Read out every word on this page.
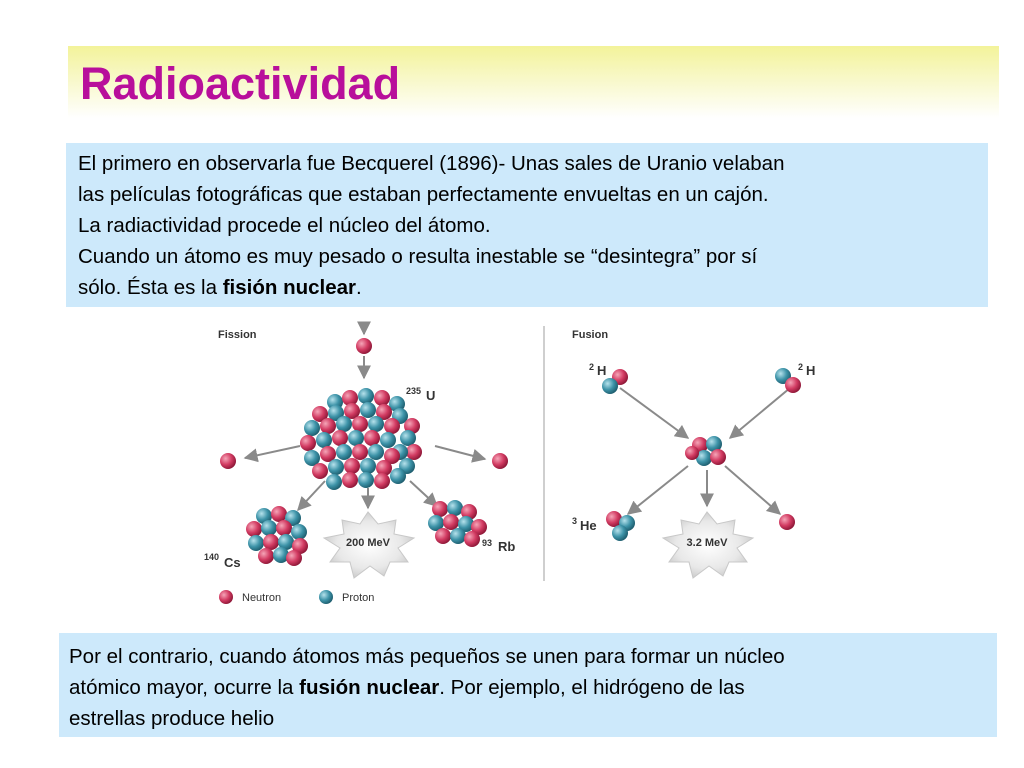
Radioactividad

El primero en observarla fue Becquerel (1896)- Unas sales de Uranio velaban

las películas fotográficas que estaban perfectamente envueltas en un cajón.

La radiactividad procede el núcleo del átomo.

Cuando un átomo es muy pesado o resulta inestable se “desintegra” por sí

sólo. Ésta es la fisión nuclear.

Fission	Fusion
235 U
140 Cs
93 Rb
200 MeV
2 H	2 H
3 He
3.2 MeV
Neutron	Proton

Por el contrario, cuando átomos más pequeños se unen para formar un núcleo

atómico mayor, ocurre la fusión nuclear. Por ejemplo, el hidrógeno de las

estrellas produce helio
